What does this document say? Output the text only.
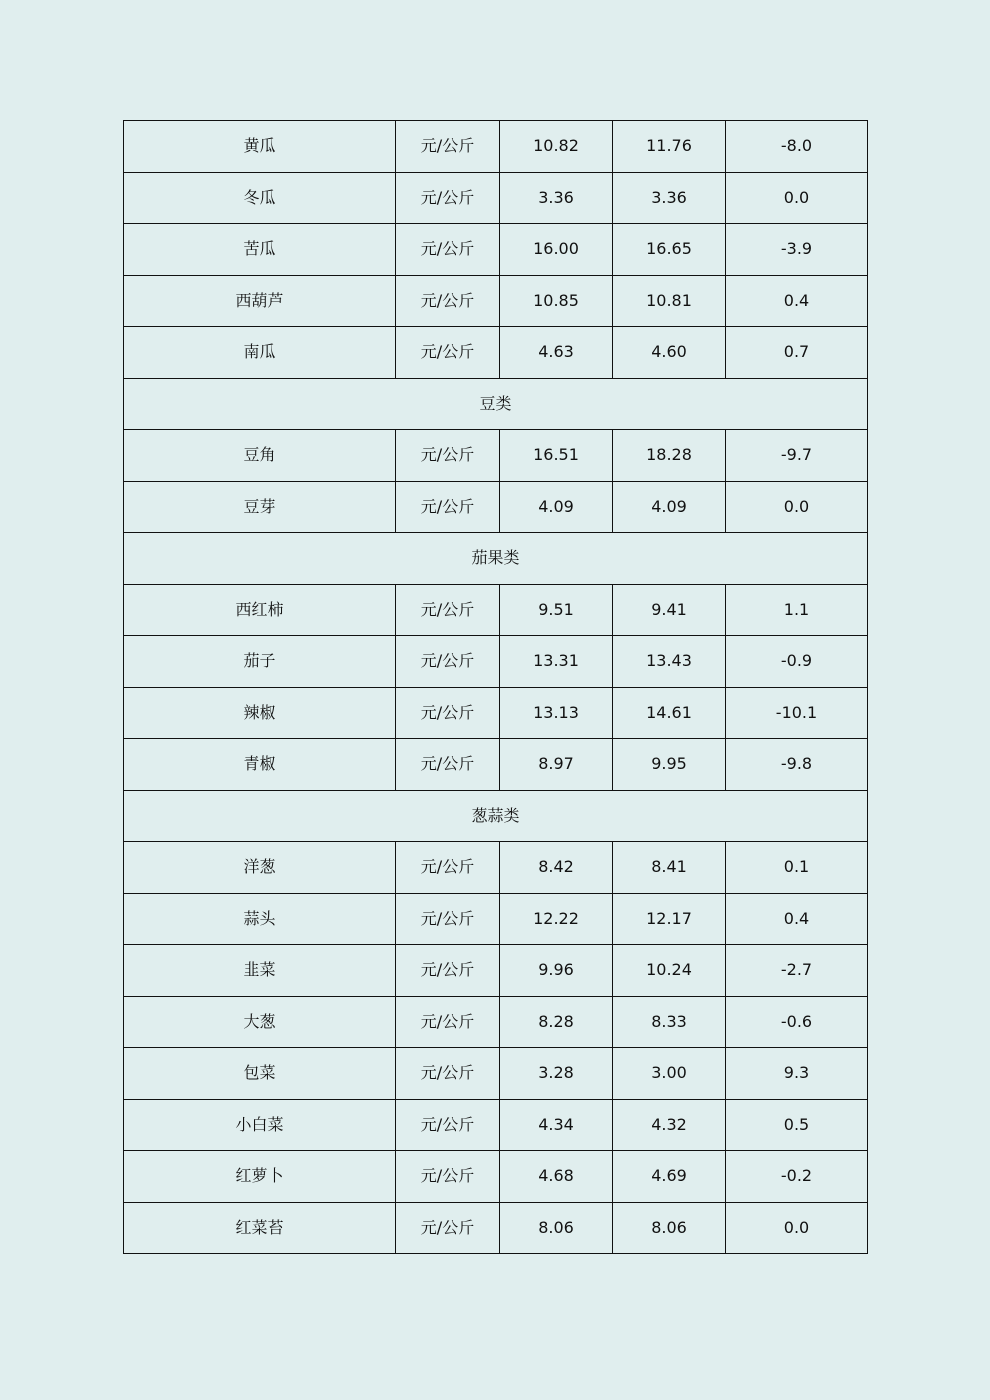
黄瓜	元/公斤	10.82	11.76	-8.0
冬瓜	元/公斤	3.36	3.36	0.0
苦瓜	元/公斤	16.00	16.65	-3.9
西葫芦	元/公斤	10.85	10.81	0.4
南瓜	元/公斤	4.63	4.60	0.7
豆类				
豆角	元/公斤	16.51	18.28	-9.7
豆芽	元/公斤	4.09	4.09	0.0
茄果类				
西红柿	元/公斤	9.51	9.41	1.1
茄子	元/公斤	13.31	13.43	-0.9
辣椒	元/公斤	13.13	14.61	-10.1
青椒	元/公斤	8.97	9.95	-9.8
葱蒜类				
洋葱	元/公斤	8.42	8.41	0.1
蒜头	元/公斤	12.22	12.17	0.4
韭菜	元/公斤	9.96	10.24	-2.7
大葱	元/公斤	8.28	8.33	-0.6
包菜	元/公斤	3.28	3.00	9.3
小白菜	元/公斤	4.34	4.32	0.5
红萝卜	元/公斤	4.68	4.69	-0.2
红菜苔	元/公斤	8.06	8.06	0.0
